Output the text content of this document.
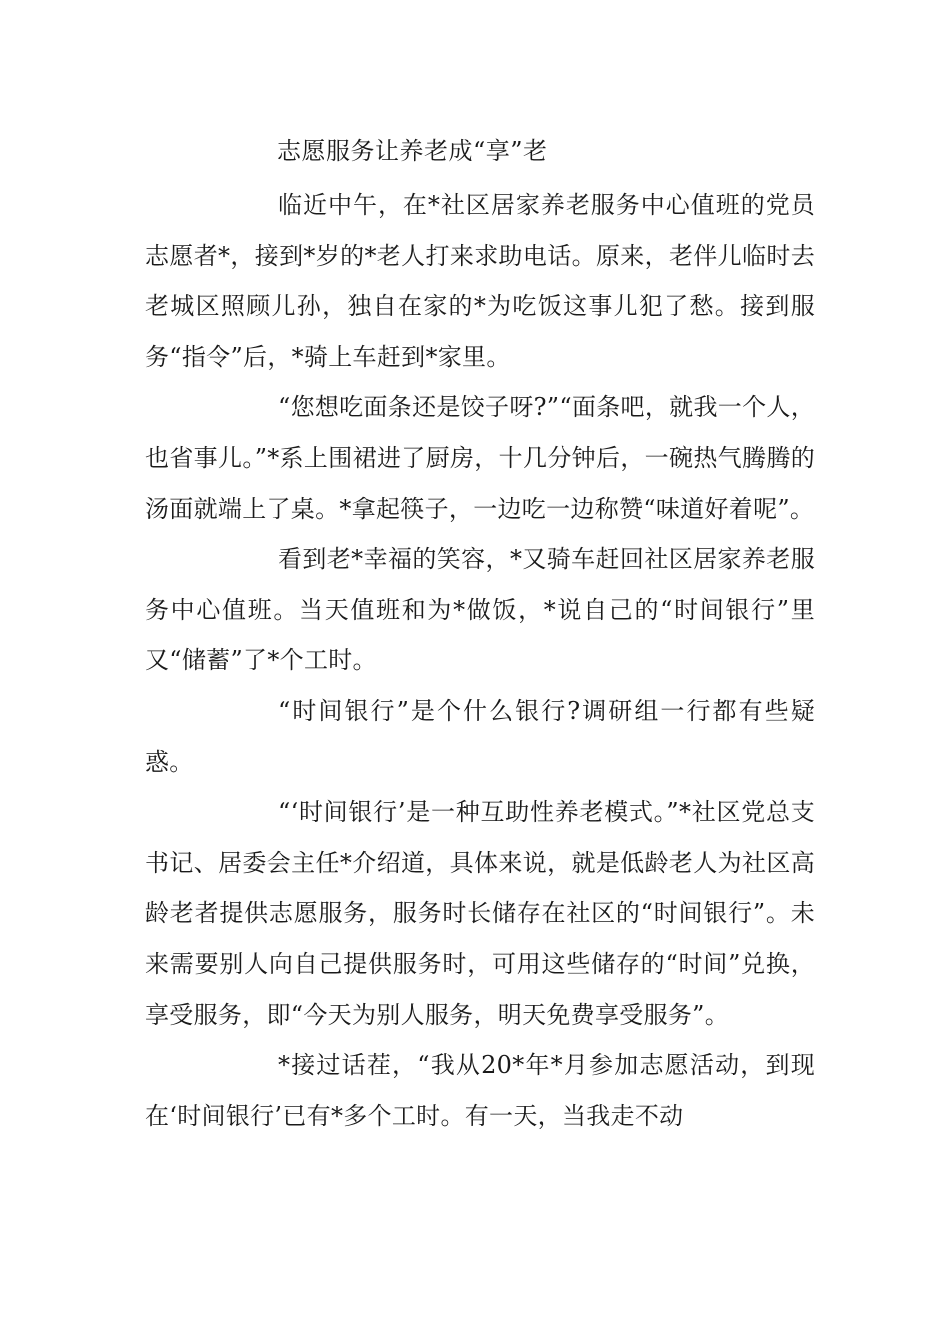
志愿服务让养老成“享”老

临近中午，在*社区居家养老服务中心值班的党员志愿者*，接到*岁的*老人打来求助电话。原来，老伴儿临时去老城区照顾儿孙，独自在家的*为吃饭这事儿犯了愁。接到服务“指令”后，*骑上车赶到*家里。

“您想吃面条还是饺子呀?”“面条吧，就我一个人，也省事儿。”*系上围裙进了厨房，十几分钟后，一碗热气腾腾的汤面就端上了桌。*拿起筷子，一边吃一边称赞“味道好着呢”。

看到老*幸福的笑容，*又骑车赶回社区居家养老服务中心值班。当天值班和为*做饭，*说自己的“时间银行”里又“储蓄”了*个工时。

“时间银行”是个什么银行?调研组一行都有些疑惑。

“‘时间银行’是一种互助性养老模式。”*社区党总支书记、居委会主任*介绍道，具体来说，就是低龄老人为社区高龄老者提供志愿服务，服务时长储存在社区的“时间银行”。未来需要别人向自己提供服务时，可用这些储存的“时间”兑换，享受服务，即“今天为别人服务，明天免费享受服务”。

*接过话茬，“我从20*年*月参加志愿活动，到现在‘时间银行’已有*多个工时。有一天，当我走不动
